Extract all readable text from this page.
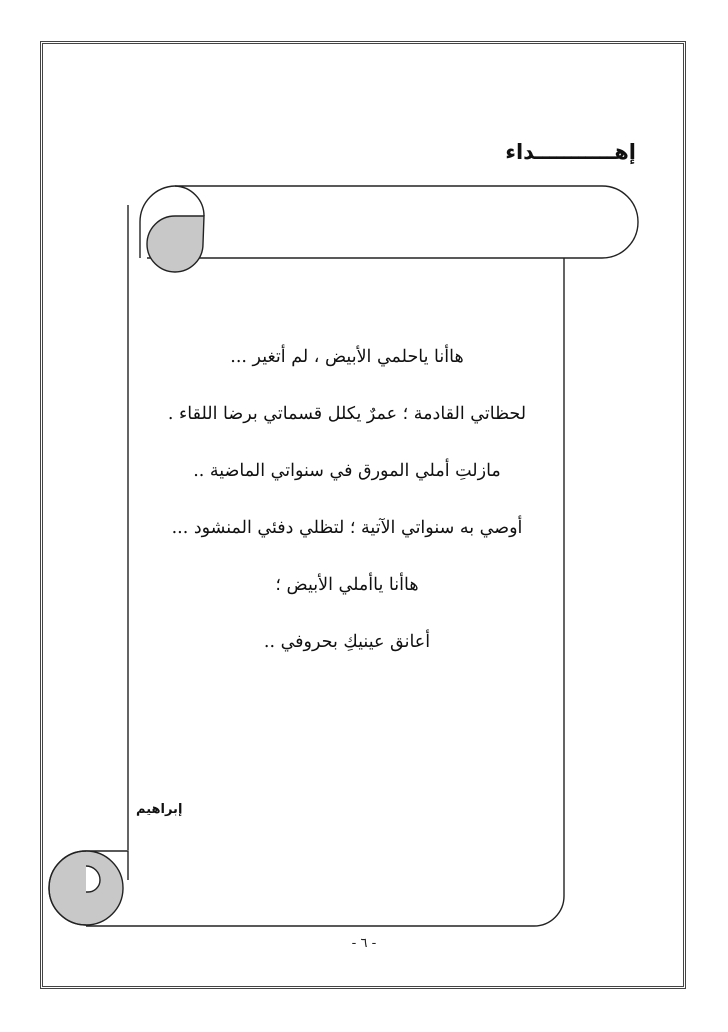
إهـــــــــــداء
هاأنا ياحلمي الأبيض ، لم أتغير ...
لحظاتي القادمة ؛ عمرٌ يكلل قسماتي برضا اللقاء .
مازلتِ أملي المورق في سنواتي الماضية ..
أوصي به سنواتي الآتية ؛ لتظلي دفئي المنشود ...
هاأنا ياأملي الأبيض ؛
أعانق عينيكِ بحروفي ..
إبراهيم
- ٦ -
